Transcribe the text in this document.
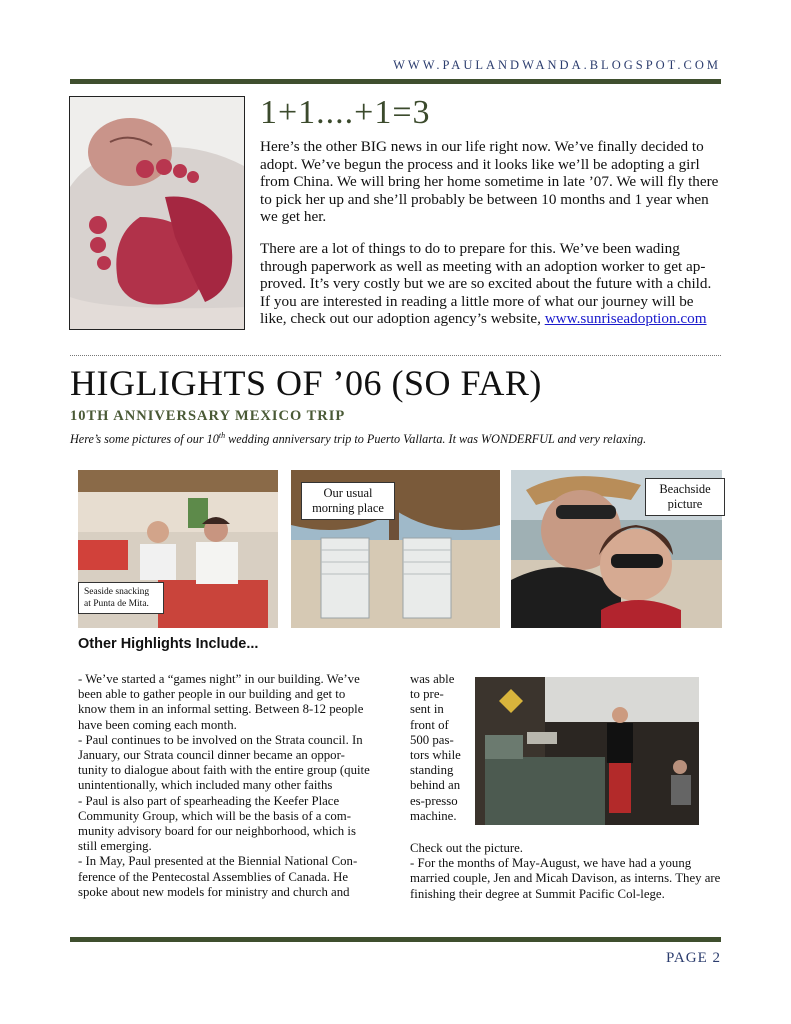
WWW.PAULANDWANDA.BLOGSPOT.COM
1+1....+1=3
Here’s the other BIG news in our life right now. We’ve finally decided to adopt. We’ve begun the process and it looks like we’ll be adopting a girl from China. We will bring her home sometime in late ’07. We will fly there to pick her up and she’ll probably be between 10 months and 1 year when we get her.
There are a lot of things to do to prepare for this. We’ve been wading through paperwork as well as meeting with an adoption worker to get ap-proved. It’s very costly but we are so excited about the future with a child. If you are interested in reading a little more of what our journey will be like, check out our adoption agency’s website, www.sunriseadoption.com
HIGLIGHTS OF ’06 (SO FAR)
10TH ANNIVERSARY MEXICO TRIP
Here’s some pictures of our 10th wedding anniversary trip to Puerto Vallarta. It was WONDERFUL and very relaxing.
Seaside snacking at Punta de Mita.
Our usual morning place
Beachside picture
Other Highlights Include...

- We’ve started a “games night” in our building. We’ve been able to gather people in our building and get to know them in an informal setting. Between 8-12 people have been coming each month.

- Paul continues to be involved on the Strata council. In January, our Strata council dinner became an oppor-tunity to dialogue about faith with the entire group (quite unintentionally, which included many other faiths

- Paul is also part of spearheading the Keefer Place Community Group, which will be the basis of a com-munity advisory board for our neighborhood, which is still emerging.

- In May, Paul presented at the Biennial National Con-ference of the Pentecostal Assemblies of Canada. He spoke about new models for ministry and church and

was able to pre-sent in front of 500 pas-tors while standing behind an es-presso machine.

Check out the picture.

- For the months of May-August, we have had a young married couple, Jen and Micah Davison, as interns. They are finishing their degree at Summit Pacific Col-lege.

PAGE 2
